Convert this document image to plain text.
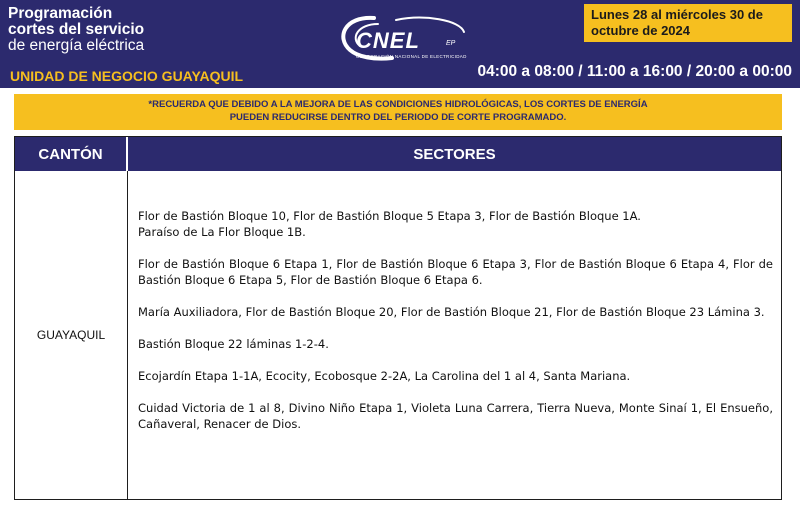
Programación
cortes del servicio
de energía eléctrica
UNIDAD DE NEGOCIO GUAYAQUIL
CNEL	EP
CORPORACIÓN NACIONAL DE ELECTRICIDAD
Lunes 28 al miércoles 30 de
octubre de 2024
04:00 a 08:00 / 11:00 a 16:00 / 20:00 a 00:00
*RECUERDA QUE DEBIDO A LA MEJORA DE LAS CONDICIONES HIDROLÓGICAS, LOS CORTES DE ENERGÍA
PUEDEN REDUCIRSE DENTRO DEL PERIODO DE CORTE PROGRAMADO.
CANTÓN	SECTORES
GUAYAQUIL

Flor de Bastión Bloque 10, Flor de Bastión Bloque 5 Etapa 3, Flor de Bastión Bloque 1A.
Paraíso de La Flor Bloque 1B.

Flor de Bastión Bloque 6 Etapa 1, Flor de Bastión Bloque 6 Etapa 3, Flor de Bastión Bloque 6 Etapa 4, Flor de Bastión Bloque 6 Etapa 5, Flor de Bastión Bloque 6 Etapa 6.

María Auxiliadora, Flor de Bastión Bloque 20, Flor de Bastión Bloque 21, Flor de Bastión Bloque 23 Lámina 3.

Bastión Bloque 22 láminas 1-2-4.

Ecojardín Etapa 1-1A, Ecocity, Ecobosque 2-2A, La Carolina del 1 al 4, Santa Mariana.

Cuidad Victoria de 1 al 8, Divino Niño Etapa 1, Violeta Luna Carrera, Tierra Nueva, Monte Sinaí 1, El Ensueño, Cañaveral, Renacer de Dios.
